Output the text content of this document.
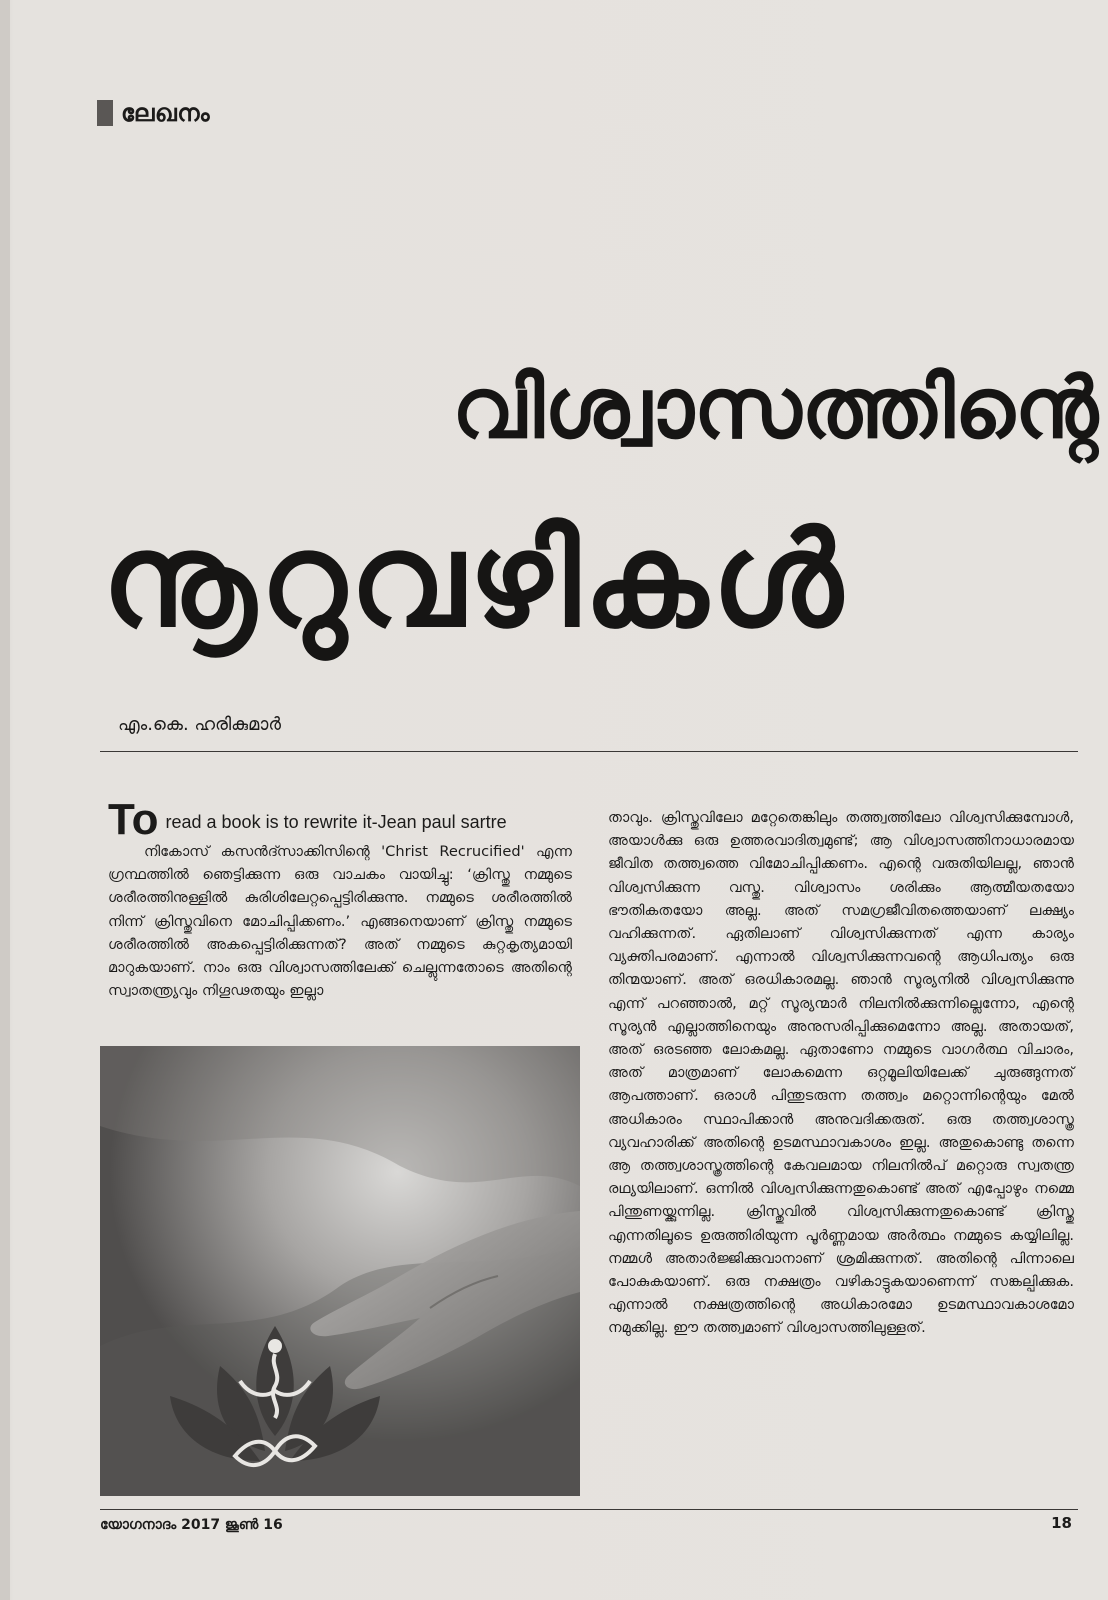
ലേഖനം
വിശ്വാസത്തിന്റെ
നൂറുവഴികൾ
എം.കെ. ഹരികുമാർ

To read a book is to rewrite it-Jean paul sartre

നികോസ് കസൻദ്സാക്കിസിന്റെ 'Christ Recrucified' എന്ന ഗ്രന്ഥത്തിൽ ഞെട്ടിക്കുന്ന ഒരു വാചകം വായിച്ചു: ‘ക്രിസ്തു നമ്മുടെ ശരീരത്തിനുള്ളിൽ കുരിശിലേറ്റപ്പെട്ടിരിക്കുന്നു. നമ്മുടെ ശരീരത്തിൽ നിന്ന് ക്രിസ്തുവിനെ മോചിപ്പിക്കണം.’ എങ്ങനെയാണ് ക്രിസ്തു നമ്മുടെ ശരീരത്തിൽ അകപ്പെട്ടിരിക്കുന്നത്? അത് നമ്മുടെ കുറ്റകൃത്യമായി മാറുകയാണ്. നാം ഒരു വിശ്വാസത്തിലേക്ക് ചെല്ലുന്നതോടെ അതിന്റെ സ്വാതന്ത്ര്യവും നിഗൂഢതയും ഇല്ലാ

താവും. ക്രിസ്തുവിലോ മറ്റേതെങ്കിലും തത്ത്വത്തിലോ വിശ്വസിക്കുമ്പോൾ, അയാൾക്കു ഒരു ഉത്തരവാദിത്വമുണ്ട്; ആ വിശ്വാസത്തിനാധാരമായ ജീവിത തത്ത്വത്തെ വിമോചിപ്പിക്കണം. എന്റെ വരുതിയിലല്ല, ഞാൻ വിശ്വസിക്കുന്ന വസ്തു. വിശ്വാസം ശരിക്കും ആത്മീയതയോ ഭൗതികതയോ അല്ല. അത് സമഗ്രജീവിതത്തെയാണ് ലക്ഷ്യം വഹിക്കുന്നത്. ഏതിലാണ് വിശ്വസിക്കുന്നത് എന്ന കാര്യം വ്യക്തിപരമാണ്. എന്നാൽ വിശ്വസിക്കുന്നവന്റെ ആധിപത്യം ഒരു തിന്മയാണ്. അത് ഒരധികാരമല്ല. ഞാൻ സൂര്യനിൽ വിശ്വസിക്കുന്നു എന്ന് പറഞ്ഞാൽ, മറ്റ് സൂര്യന്മാർ നിലനിൽക്കുന്നില്ലെന്നോ, എന്റെ സൂര്യൻ എല്ലാത്തിനെയും അനുസരിപ്പിക്കുമെന്നോ അല്ല. അതായത്, അത് ഒരടഞ്ഞ ലോകമല്ല. ഏതാണോ നമ്മുടെ വാഗർത്ഥ വിചാരം, അത് മാത്രമാണ് ലോകമെന്ന ഒറ്റമൂലിയിലേക്ക് ചുരുങ്ങുന്നത് ആപത്താണ്. ഒരാൾ പിന്തുടരുന്ന തത്ത്വം മറ്റൊന്നിന്റെയും മേൽ അധികാരം സ്ഥാപിക്കാൻ അനുവദിക്കരുത്. ഒരു തത്ത്വശാസ്ത്ര വ്യവഹാരിക്ക് അതിന്റെ ഉടമസ്ഥാവകാശം ഇല്ല. അതുകൊണ്ടു തന്നെ ആ തത്ത്വശാസ്ത്രത്തിന്റെ കേവലമായ നിലനിൽപ് മറ്റൊരു സ്വതന്ത്ര രഥ്യയിലാണ്. ഒന്നിൽ വിശ്വസിക്കുന്നതുകൊണ്ട് അത് എപ്പോഴും നമ്മെ പിന്തുണയ്ക്കുന്നില്ല. ക്രിസ്തുവിൽ വിശ്വസിക്കുന്നതുകൊണ്ട് ക്രിസ്തു എന്നതിലൂടെ ഉരുത്തിരിയുന്ന പൂർണ്ണമായ അർത്ഥം നമ്മുടെ കയ്യിലില്ല. നമ്മൾ അതാർജ്ജിക്കുവാനാണ് ശ്രമിക്കുന്നത്. അതിന്റെ പിന്നാലെ പോകുകയാണ്. ഒരു നക്ഷത്രം വഴികാട്ടുകയാണെന്ന് സങ്കല്പിക്കുക. എന്നാൽ നക്ഷത്രത്തിന്റെ അധികാരമോ ഉടമസ്ഥാവകാശമോ നമുക്കില്ല. ഈ തത്ത്വമാണ് വിശ്വാസത്തിലുള്ളത്.

യോഗനാദം 2017 ജൂൺ 16	18
